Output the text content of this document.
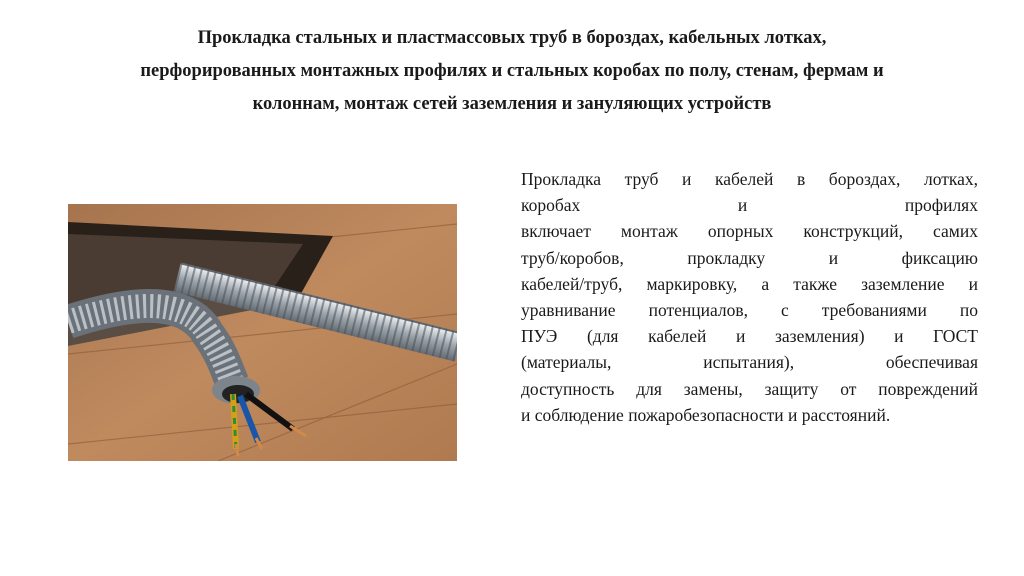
Прокладка стальных и пластмассовых труб в бороздах, кабельных лотках,
перфорированных монтажных профилях и стальных коробах по полу, стенам, фермам и
колоннам, монтаж сетей заземления и зануляющих устройств
Прокладка труб и кабелей в бороздах, лотках,
коробах и профилях
включает монтаж опорных конструкций, самих
труб/коробов, прокладку и фиксацию
кабелей/труб, маркировку, а также заземление и
уравнивание потенциалов, с требованиями по
ПУЭ (для кабелей и заземления) и ГОСТ
(материалы, испытания), обеспечивая
доступность для замены, защиту от повреждений
и соблюдение пожаробезопасности и расстояний.
